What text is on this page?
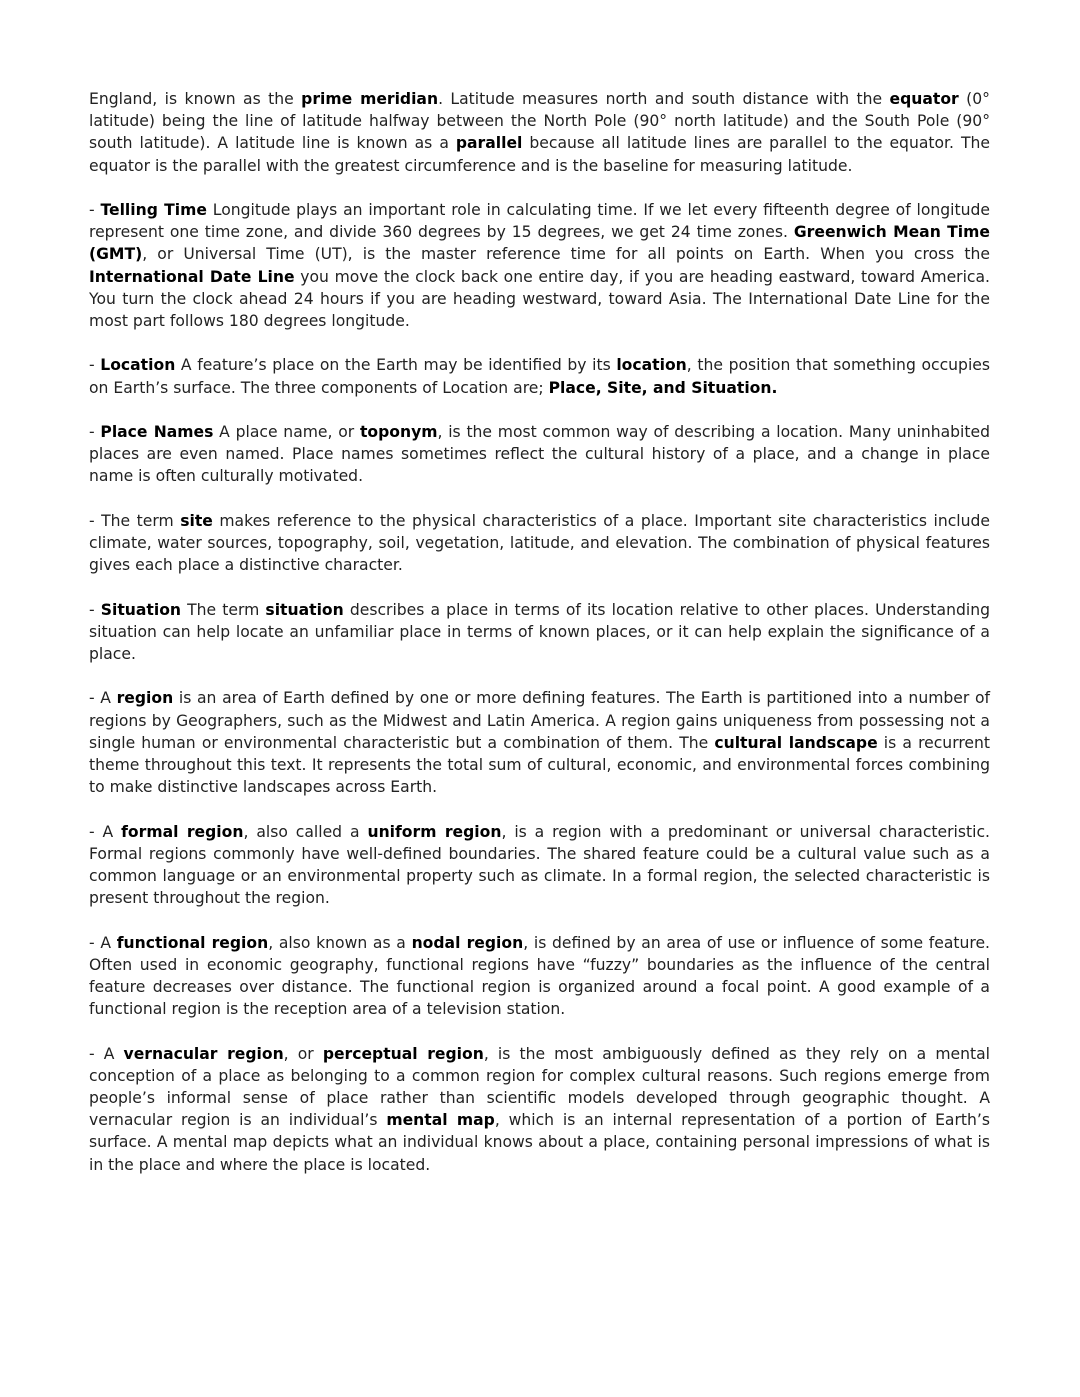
England, is known as the prime meridian. Latitude measures north and south distance with the equator (0° latitude) being the line of latitude halfway between the North Pole (90° north latitude) and the South Pole (90° south latitude). A latitude line is known as a parallel because all latitude lines are parallel to the equator. The equator is the parallel with the greatest circumference and is the baseline for measuring latitude.

- Telling Time Longitude plays an important role in calculating time. If we let every fifteenth degree of longitude represent one time zone, and divide 360 degrees by 15 degrees, we get 24 time zones. Greenwich Mean Time (GMT), or Universal Time (UT), is the master reference time for all points on Earth. When you cross the International Date Line you move the clock back one entire day, if you are heading eastward, toward America. You turn the clock ahead 24 hours if you are heading westward, toward Asia. The International Date Line for the most part follows 180 degrees longitude.

- Location A feature’s place on the Earth may be identified by its location, the position that something occupies on Earth’s surface. The three components of Location are; Place, Site, and Situation.

- Place Names A place name, or toponym, is the most common way of describing a location. Many uninhabited places are even named. Place names sometimes reflect the cultural history of a place, and a change in place name is often culturally motivated.

- The term site makes reference to the physical characteristics of a place. Important site characteristics include climate, water sources, topography, soil, vegetation, latitude, and elevation. The combination of physical features gives each place a distinctive character.

- Situation The term situation describes a place in terms of its location relative to other places. Understanding situation can help locate an unfamiliar place in terms of known places, or it can help explain the significance of a place.

- A region is an area of Earth defined by one or more defining features. The Earth is partitioned into a number of regions by Geographers, such as the Midwest and Latin America. A region gains uniqueness from possessing not a single human or environmental characteristic but a combination of them. The cultural landscape is a recurrent theme throughout this text. It represents the total sum of cultural, economic, and environmental forces combining to make distinctive landscapes across Earth.

- A formal region, also called a uniform region, is a region with a predominant or universal characteristic. Formal regions commonly have well-defined boundaries. The shared feature could be a cultural value such as a common language or an environmental property such as climate. In a formal region, the selected characteristic is present throughout the region.

- A functional region, also known as a nodal region, is defined by an area of use or influence of some feature. Often used in economic geography, functional regions have “fuzzy” boundaries as the influence of the central feature decreases over distance. The functional region is organized around a focal point. A good example of a functional region is the reception area of a television station.

- A vernacular region, or perceptual region, is the most ambiguously defined as they rely on a mental conception of a place as belonging to a common region for complex cultural reasons. Such regions emerge from people’s informal sense of place rather than scientific models developed through geographic thought. A vernacular region is an individual’s mental map, which is an internal representation of a portion of Earth’s surface. A mental map depicts what an individual knows about a place, containing personal impressions of what is in the place and where the place is located.
